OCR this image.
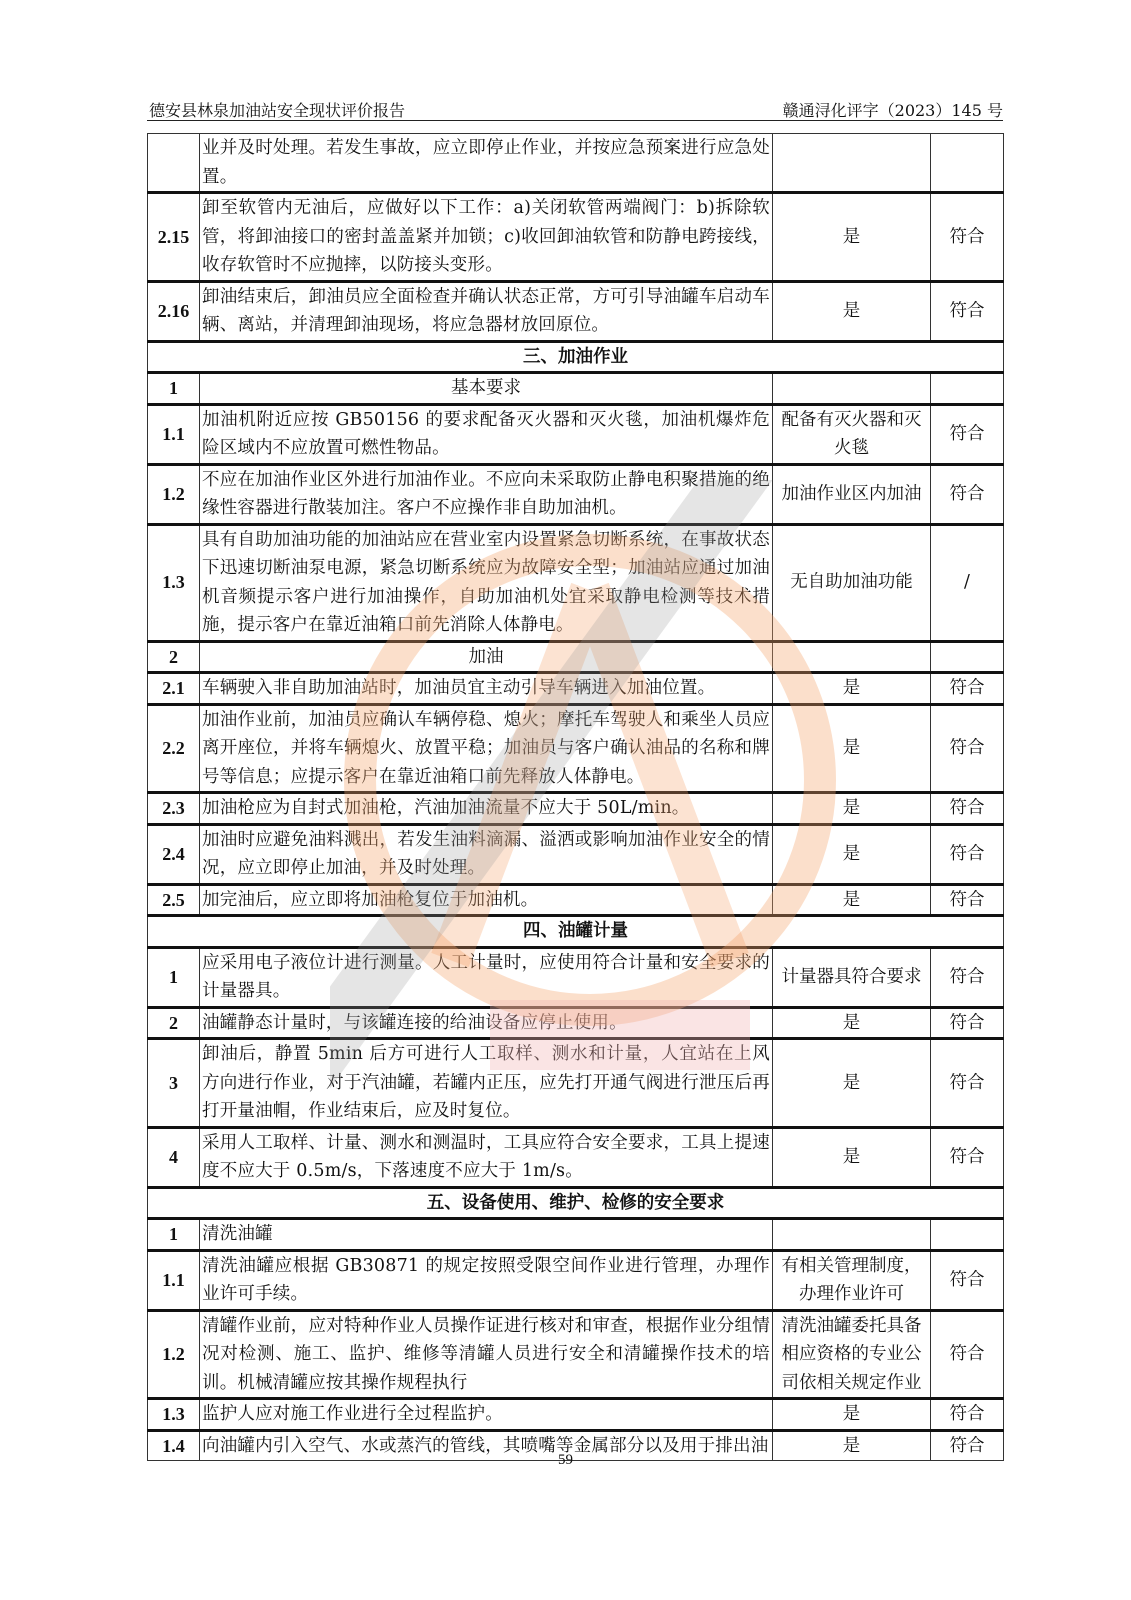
德安县林泉加油站安全现状评价报告	赣通浔化评字（2023）145 号
	业并及时处理。若发生事故，应立即停止作业，并按应急预案进行应急处置。		
2.15	卸至软管内无油后，应做好以下工作：a)关闭软管两端阀门：b)拆除软管，将卸油接口的密封盖盖紧并加锁；c)收回卸油软管和防静电跨接线，收存软管时不应抛摔，以防接头变形。	是	符合
2.16	卸油结束后，卸油员应全面检查并确认状态正常，方可引导油罐车启动车辆、离站，并清理卸油现场，将应急器材放回原位。	是	符合
三、加油作业			
1	基本要求		
1.1	加油机附近应按 GB50156 的要求配备灭火器和灭火毯，加油机爆炸危险区域内不应放置可燃性物品。	配备有灭火器和灭火毯	符合
1.2	不应在加油作业区外进行加油作业。不应向未采取防止静电积聚措施的绝缘性容器进行散装加注。客户不应操作非自助加油机。	加油作业区内加油	符合
1.3	具有自助加油功能的加油站应在营业室内设置紧急切断系统，在事故状态下迅速切断油泵电源，紧急切断系统应为故障安全型；加油站应通过加油机音频提示客户进行加油操作，自助加油机处宜采取静电检测等技术措施，提示客户在靠近油箱口前先消除人体静电。	无自助加油功能	/
2	加油		
2.1	车辆驶入非自助加油站时，加油员宜主动引导车辆进入加油位置。	是	符合
2.2	加油作业前，加油员应确认车辆停稳、熄火；摩托车驾驶人和乘坐人员应离开座位，并将车辆熄火、放置平稳；加油员与客户确认油品的名称和牌号等信息；应提示客户在靠近油箱口前先释放人体静电。	是	符合
2.3	加油枪应为自封式加油枪，汽油加油流量不应大于 50L/min。	是	符合
2.4	加油时应避免油料溅出，若发生油料滴漏、溢洒或影响加油作业安全的情况，应立即停止加油，并及时处理。	是	符合
2.5	加完油后，应立即将加油枪复位于加油机。	是	符合
四、油罐计量			
1	应采用电子液位计进行测量。人工计量时，应使用符合计量和安全要求的计量器具。	计量器具符合要求	符合
2	油罐静态计量时，与该罐连接的给油设备应停止使用。	是	符合
3	卸油后，静置 5min 后方可进行人工取样、测水和计量，人宜站在上风方向进行作业，对于汽油罐，若罐内正压，应先打开通气阀进行泄压后再打开量油帽，作业结束后，应及时复位。	是	符合
4	采用人工取样、计量、测水和测温时，工具应符合安全要求，工具上提速度不应大于 0.5m/s，下落速度不应大于 1m/s。	是	符合
五、设备使用、维护、检修的安全要求			
1	清洗油罐		
1.1	清洗油罐应根据 GB30871 的规定按照受限空间作业进行管理，办理作业许可手续。	有相关管理制度，办理作业许可	符合
1.2	清罐作业前，应对特种作业人员操作证进行核对和审查，根据作业分组情况对检测、施工、监护、维修等清罐人员进行安全和清罐操作技术的培训。机械清罐应按其操作规程执行	清洗油罐委托具备相应资格的专业公司依相关规定作业	符合
1.3	监护人应对施工作业进行全过程监护。	是	符合
1.4	向油罐内引入空气、水或蒸汽的管线，其喷嘴等金属部分以及用于排出油	是	符合
59
